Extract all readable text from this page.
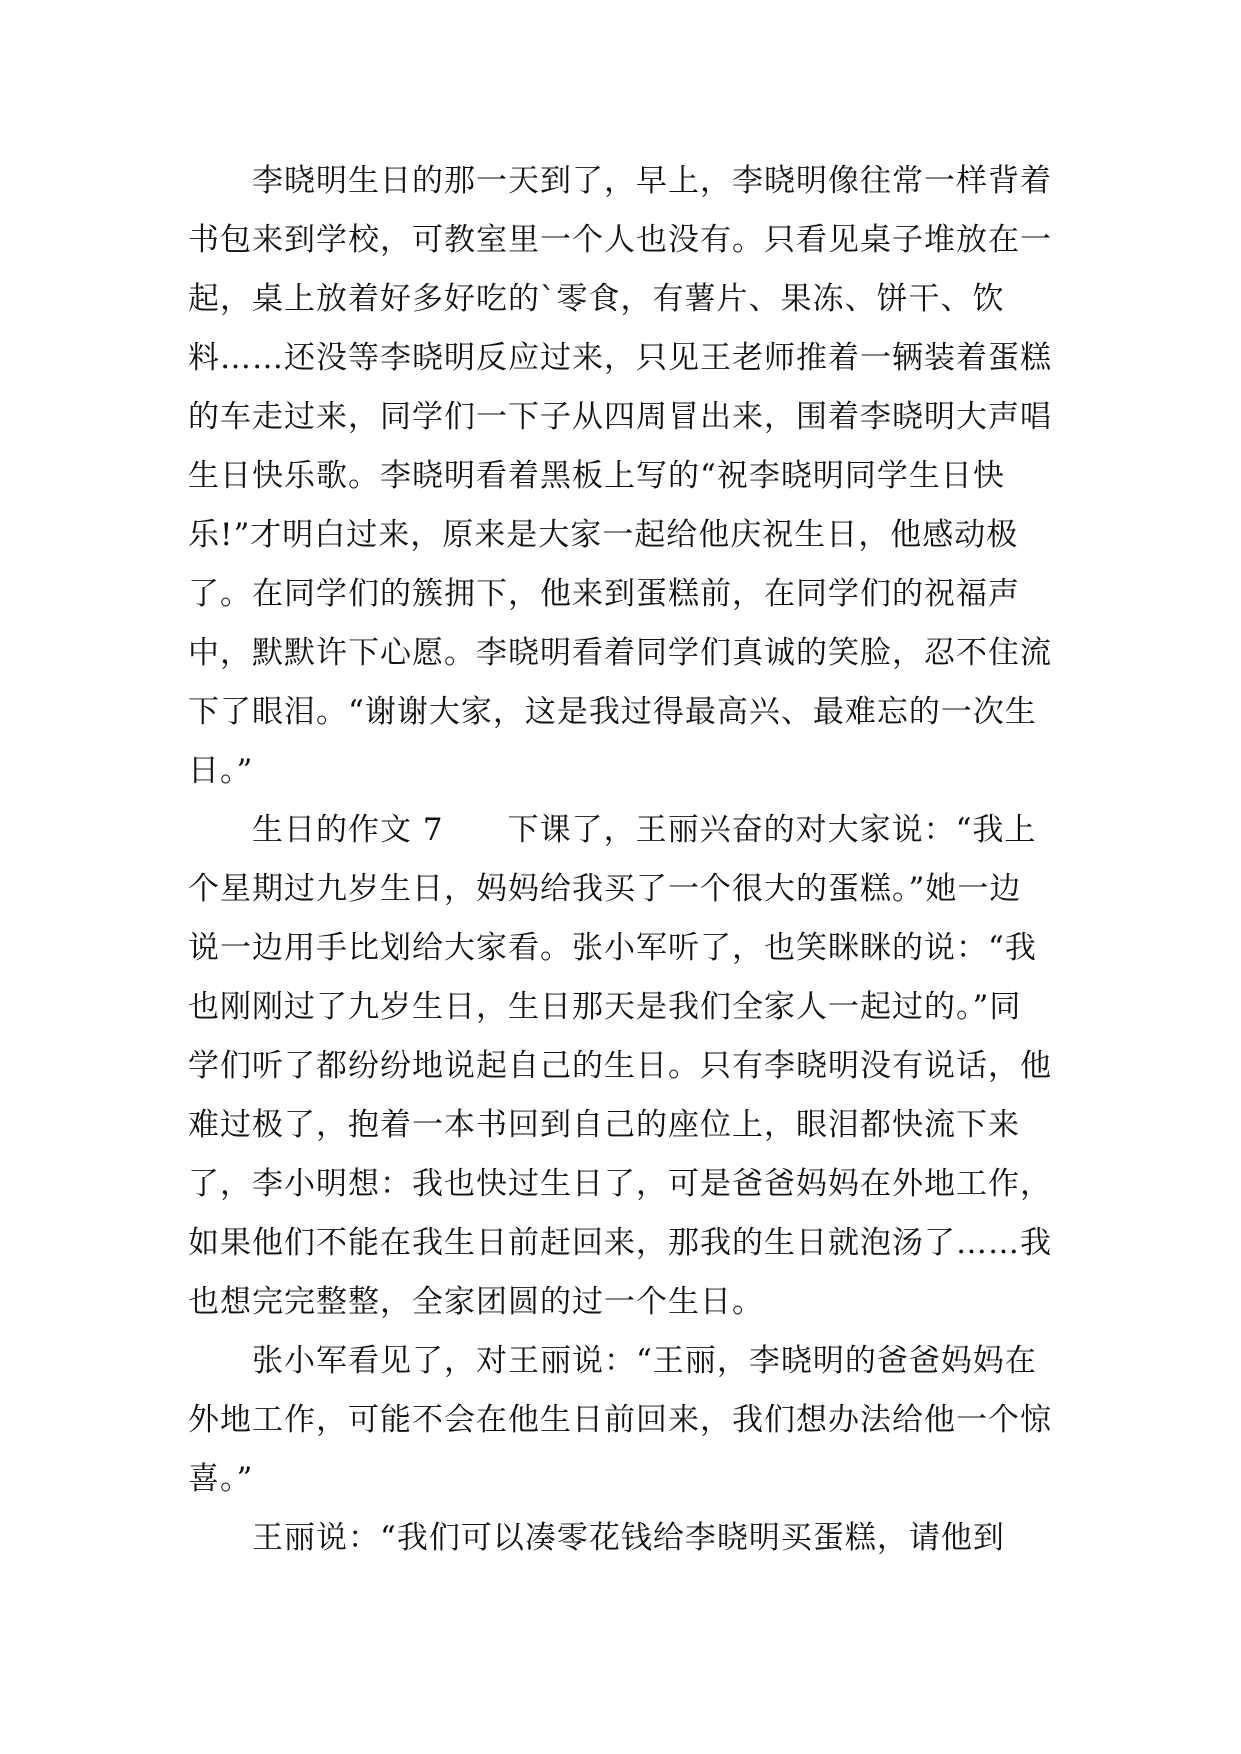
李晓明生日的那一天到了，早上，李晓明像往常一样背着书包来到学校，可教室里一个人也没有。只看见桌子堆放在一起，桌上放着好多好吃的`零食，有薯片、果冻、饼干、饮料……还没等李晓明反应过来，只见王老师推着一辆装着蛋糕的车走过来，同学们一下子从四周冒出来，围着李晓明大声唱生日快乐歌。李晓明看着黑板上写的“祝李晓明同学生日快乐!”才明白过来，原来是大家一起给他庆祝生日，他感动极了。在同学们的簇拥下，他来到蛋糕前，在同学们的祝福声中，默默许下心愿。李晓明看着同学们真诚的笑脸，忍不住流下了眼泪。“谢谢大家，这是我过得最高兴、最难忘的一次生日。”

生日的作文 7　　下课了，王丽兴奋的对大家说：“我上个星期过九岁生日，妈妈给我买了一个很大的蛋糕。”她一边说一边用手比划给大家看。张小军听了，也笑眯眯的说：“我也刚刚过了九岁生日，生日那天是我们全家人一起过的。”同学们听了都纷纷地说起自己的生日。只有李晓明没有说话，他难过极了，抱着一本书回到自己的座位上，眼泪都快流下来了，李小明想：我也快过生日了，可是爸爸妈妈在外地工作，如果他们不能在我生日前赶回来，那我的生日就泡汤了……我也想完完整整，全家团圆的过一个生日。

张小军看见了，对王丽说：“王丽，李晓明的爸爸妈妈在外地工作，可能不会在他生日前回来，我们想办法给他一个惊喜。”

王丽说：“我们可以凑零花钱给李晓明买蛋糕，请他到
